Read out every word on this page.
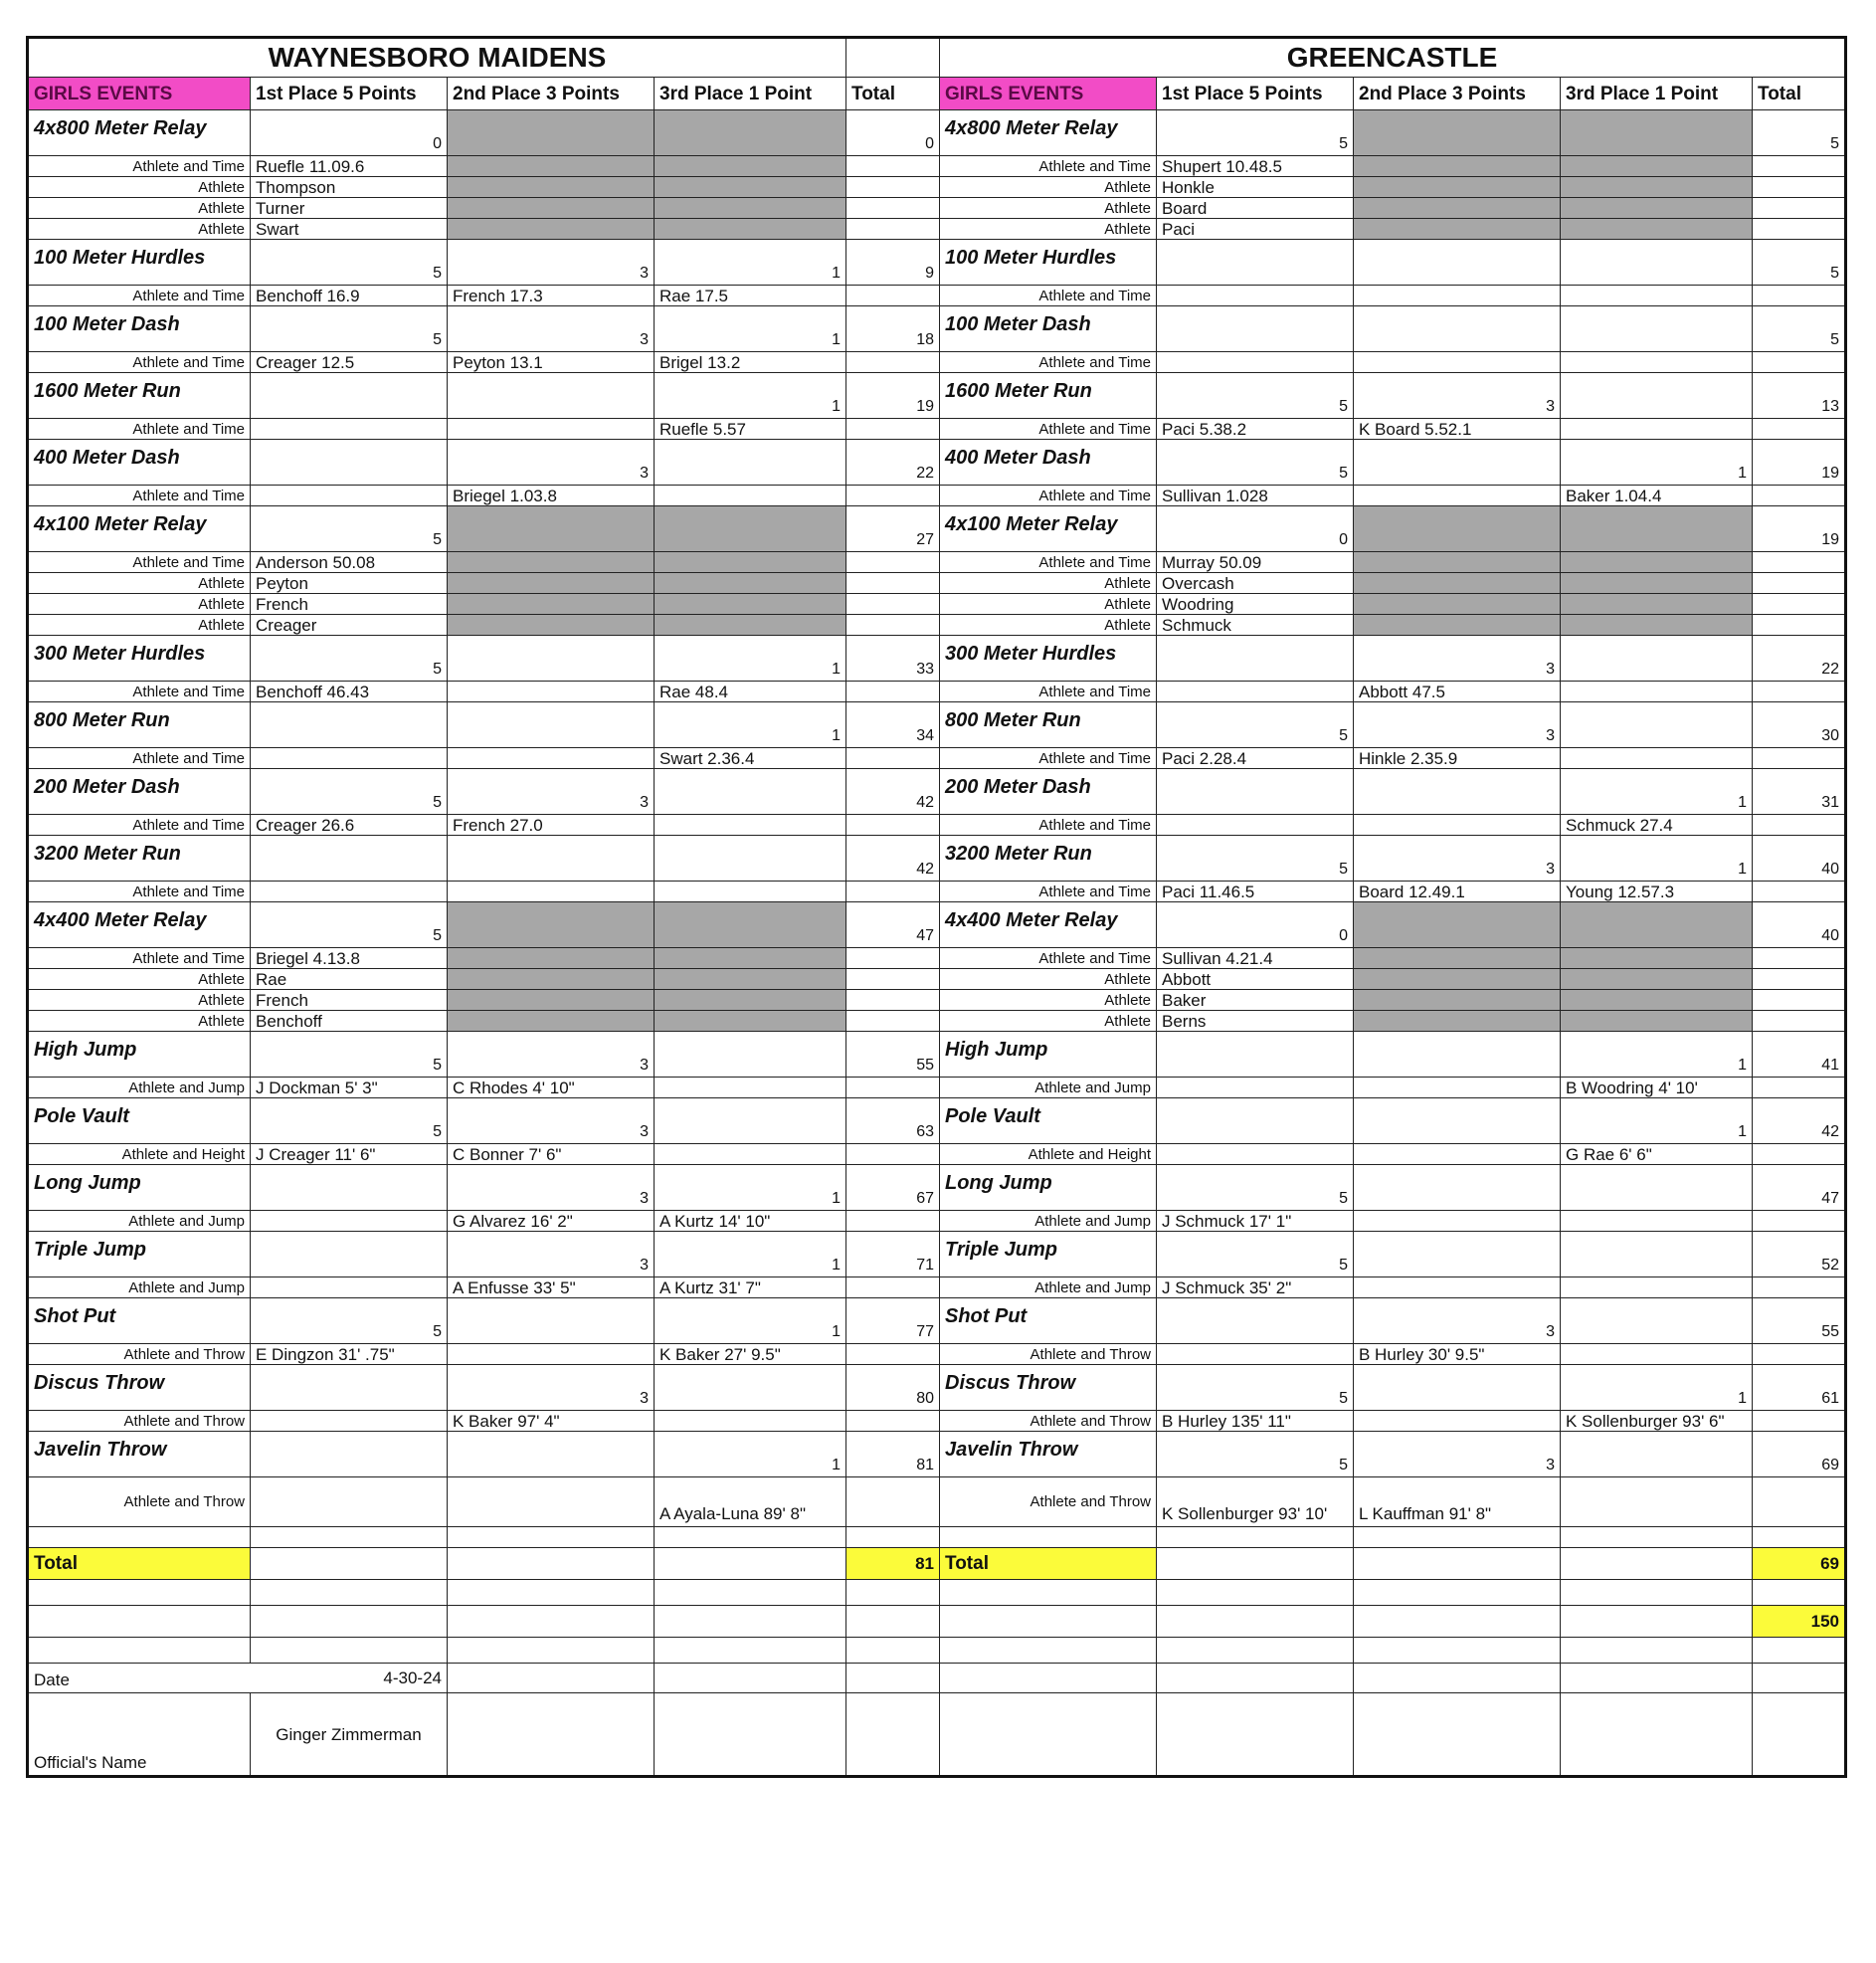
WAYNESBORO MAIDENS					GREENCASTLE				
GIRLS EVENTS	1st Place 5 Points	2nd Place 3 Points	3rd Place 1 Point	Total	GIRLS EVENTS	1st Place 5 Points	2nd Place 3 Points	3rd Place 1 Point	Total
4x800 Meter Relay	0			0	4x800 Meter Relay	5			5
Athlete and Time	Ruefle 11.09.6				Athlete and Time	Shupert 10.48.5			
Athlete	Thompson				Athlete	Honkle			
Athlete	Turner				Athlete	Board			
Athlete	Swart				Athlete	Paci			
100 Meter Hurdles	5	3	1	9	100 Meter Hurdles				5
Athlete and Time	Benchoff 16.9	French 17.3	Rae 17.5		Athlete and Time				
100 Meter Dash	5	3	1	18	100 Meter Dash				5
Athlete and Time	Creager 12.5	Peyton 13.1	Brigel 13.2		Athlete and Time				
1600 Meter Run			1	19	1600 Meter Run	5	3		13
Athlete and Time			Ruefle 5.57		Athlete and Time	Paci 5.38.2	K Board 5.52.1		
400 Meter Dash		3		22	400 Meter Dash	5		1	19
Athlete and Time		Briegel 1.03.8			Athlete and Time	Sullivan 1.028		Baker 1.04.4	
4x100 Meter Relay	5			27	4x100 Meter Relay	0			19
Athlete and Time	Anderson 50.08				Athlete and Time	Murray 50.09			
Athlete	Peyton				Athlete	Overcash			
Athlete	French				Athlete	Woodring			
Athlete	Creager				Athlete	Schmuck			
300 Meter Hurdles	5		1	33	300 Meter Hurdles		3		22
Athlete and Time	Benchoff 46.43		Rae 48.4		Athlete and Time		Abbott 47.5		
800 Meter Run			1	34	800 Meter Run	5	3		30
Athlete and Time			Swart 2.36.4		Athlete and Time	Paci 2.28.4	Hinkle 2.35.9		
200 Meter Dash	5	3		42	200 Meter Dash			1	31
Athlete and Time	Creager 26.6	French 27.0			Athlete and Time			Schmuck 27.4	
3200 Meter Run				42	3200 Meter Run	5	3	1	40
Athlete and Time					Athlete and Time	Paci 11.46.5	Board 12.49.1	Young 12.57.3	
4x400 Meter Relay	5			47	4x400 Meter Relay	0			40
Athlete and Time	Briegel 4.13.8				Athlete and Time	Sullivan 4.21.4			
Athlete	Rae				Athlete	Abbott			
Athlete	French				Athlete	Baker			
Athlete	Benchoff				Athlete	Berns			
High Jump	5	3		55	High Jump			1	41
Athlete and Jump	J Dockman 5' 3"	C Rhodes 4' 10"			Athlete and Jump			B Woodring 4' 10'	
Pole Vault	5	3		63	Pole Vault			1	42
Athlete and Height	J Creager 11' 6"	C Bonner 7' 6"			Athlete and Height			G Rae 6' 6"	
Long Jump		3	1	67	Long Jump	5			47
Athlete and Jump		G Alvarez 16' 2"	A Kurtz 14' 10"		Athlete and Jump	J Schmuck 17' 1"			
Triple Jump		3	1	71	Triple Jump	5			52
Athlete and Jump		A Enfusse 33' 5"	A Kurtz 31' 7"		Athlete and Jump	J Schmuck 35' 2"			
Shot Put	5		1	77	Shot Put		3		55
Athlete and Throw	E Dingzon 31' .75"		K Baker 27' 9.5"		Athlete and Throw		B Hurley 30' 9.5"		
Discus Throw		3		80	Discus Throw	5		1	61
Athlete and Throw		K Baker 97' 4"			Athlete and Throw	B Hurley 135' 11"		K Sollenburger 93' 6"	
Javelin Throw			1	81	Javelin Throw	5	3		69
Athlete and Throw			A Ayala-Luna 89' 8"		Athlete and Throw	K Sollenburger 93' 10'	L Kauffman 91' 8"		

Total				81	Total				69

									150

Date	4-30-24								
Official's Name	Ginger Zimmerman								
